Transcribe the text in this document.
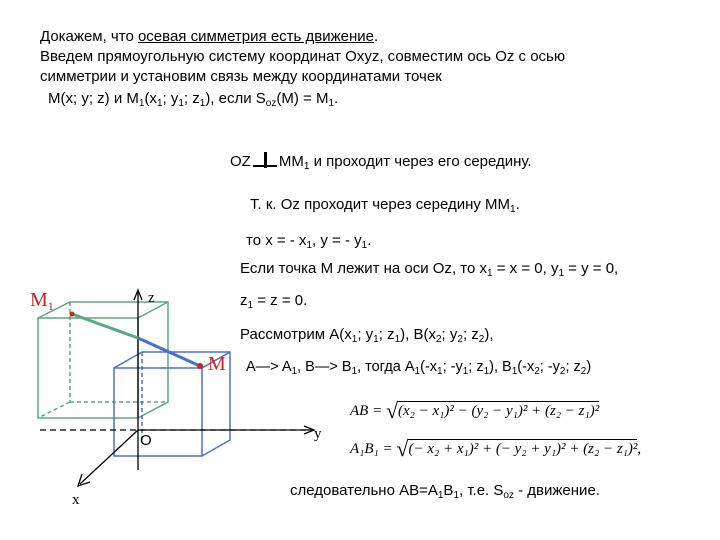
Докажем, что осевая симметрия есть движение.
Введем прямоугольную систему координат Oxyz, совместим ось Oz с осью
симметрии и установим связь между координатами точек
M(x; y; z) и $M_1(x_1$; $y_1$; $z_1$), если $S_{oz}(M) = M_1$.
OZ $MM_1$ и проходит через его середину.
Т. к. Oz проходит через середину $MM_1$.
то x = - $x_1$, y = - $y_1$.
Если точка M лежит на оси Oz, то $x_1 = x = 0$, $y_1 = y = 0$,
$z_1 = z = 0$.
Рассмотрим $A(x_1$; $y_1$; $z_1$), $B(x_2$; $y_2$; $z_2$),
A—> $A_1$, B—> $B_1$, тогда $A_1(-x_1$; $-y_1$; $z_1$), $B_1(-x_2$; $-y_2$; $z_2$)
AB = √(x₂ − x₁)² − (y₂ − y₁)² + (z₂ − z₁)²
A₁B₁ = √(− x₂ + x₁)² + (− y₂ + y₁)² + (z₂ − z₁)²,
следовательно $AB=A_1B_1$, т.е. $S_{oz}$ - движение.
$M_1$
M
z
y
x
O
